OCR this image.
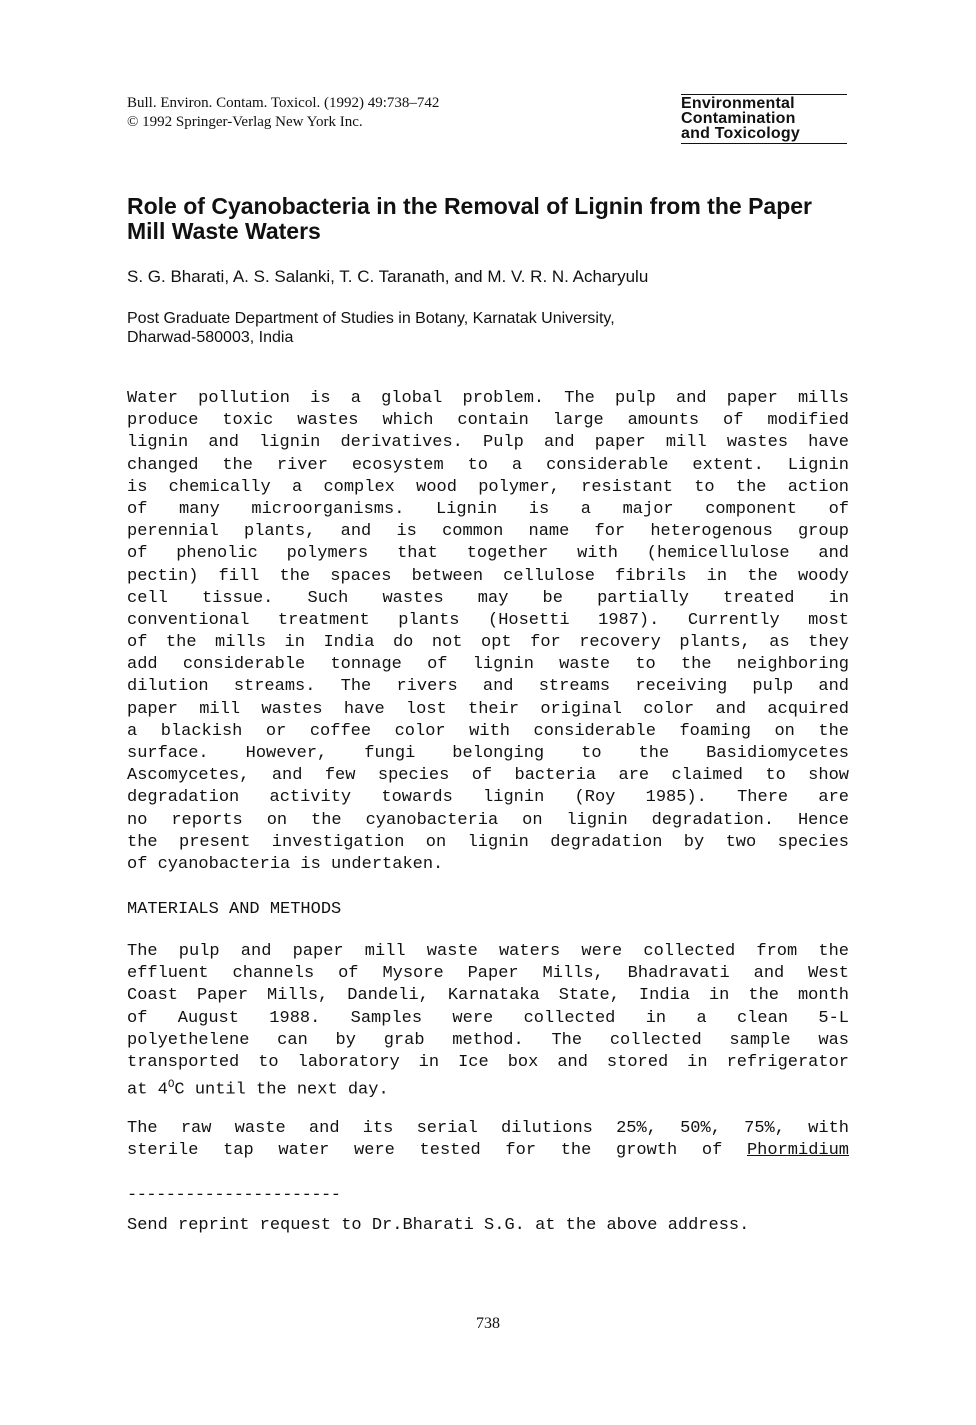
Bull. Environ. Contam. Toxicol. (1992) 49:738–742
© 1992 Springer-Verlag New York Inc.
Environmental
Contamination
and Toxicology
Role of Cyanobacteria in the Removal of Lignin from the Paper Mill Waste Waters
S. G. Bharati, A. S. Salanki, T. C. Taranath, and M. V. R. N. Acharyulu
Post Graduate Department of Studies in Botany, Karnatak University,
Dharwad-580003, India
Water pollution is a global problem. The pulp and paper mills
produce toxic wastes which contain large amounts of modified
lignin and lignin derivatives. Pulp and paper mill wastes have
changed the river ecosystem to a considerable extent. Lignin
is chemically a complex wood polymer, resistant to the action
of many microorganisms. Lignin is a major component of
perennial plants, and is common name for heterogenous group
of phenolic polymers that together with (hemicellulose and
pectin) fill the spaces between cellulose fibrils in the woody
cell tissue. Such wastes may be partially treated in
conventional treatment plants (Hosetti 1987). Currently most
of the mills in India do not opt for recovery plants, as they
add considerable tonnage of lignin waste to the neighboring
dilution streams. The rivers and streams receiving pulp and
paper mill wastes have lost their original color and acquired
a blackish or coffee color with considerable foaming on the
surface. However, fungi belonging to the Basidiomycetes
Ascomycetes, and few species of bacteria are claimed to show
degradation activity towards lignin (Roy 1985). There are
no reports on the cyanobacteria on lignin degradation. Hence
the present investigation on lignin degradation by two species
of cyanobacteria is undertaken.
MATERIALS AND METHODS
The pulp and paper mill waste waters were collected from the
effluent channels of Mysore Paper Mills, Bhadravati and West
Coast Paper Mills, Dandeli, Karnataka State, India in the month
of August 1988. Samples were collected in a clean 5-L
polyethelene can by grab method. The collected sample was
transported to laboratory in Ice box and stored in refrigerator
at $4^OC$ until the next day.
The raw waste and its serial dilutions 25%, 50%, 75%, with
sterile tap water were tested for the growth of Phormidium
----------------------
Send reprint request to Dr.Bharati S.G. at the above address.
738
